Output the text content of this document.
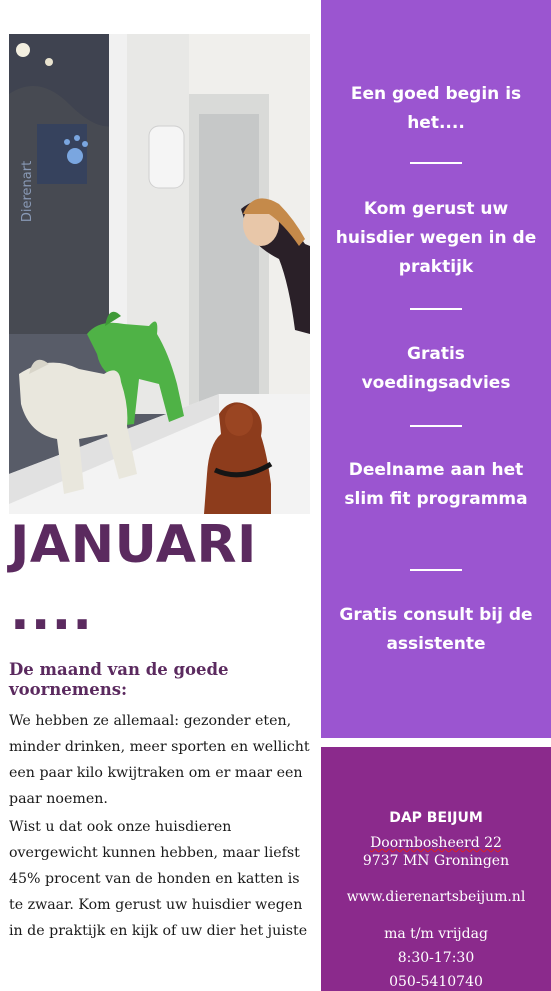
Dierenart
JANUARI
....
De maand van de goede voornemens:

We hebben ze allemaal: gezonder eten, minder drinken, meer sporten en wellicht een paar kilo kwijtraken om er maar een paar noemen.

Wist u dat ook onze huisdieren overgewicht kunnen hebben, maar liefst 45% procent van de honden en katten is te zwaar. Kom gerust uw huisdier wegen in de praktijk en kijk of uw dier het juiste

Een goed begin is het....

Kom gerust uw huisdier wegen in de praktijk

Gratis voedingsadvies

Deelname aan het slim fit programma

Gratis consult bij de assistente

DAP BEIJUM

Doornbosheerd 22

9737 MN Groningen

www.dierenartsbeijum.nl

ma t/m vrijdag

8:30-17:30

050-5410740
